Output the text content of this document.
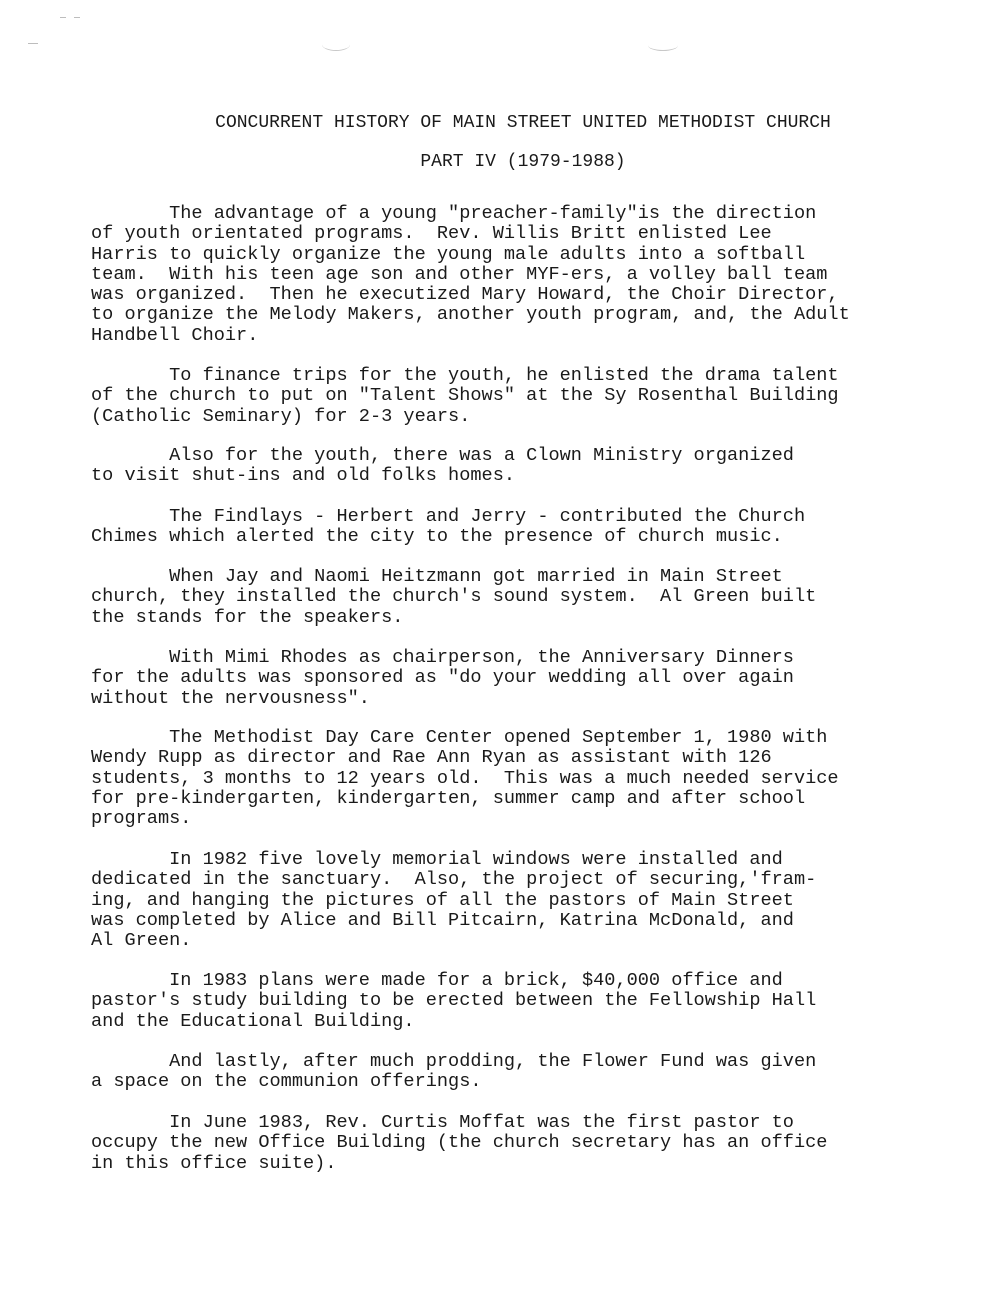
CONCURRENT HISTORY OF MAIN STREET UNITED METHODIST CHURCH
PART IV (1979-1988)
The advantage of a young "preacher-family"is the direction
of youth orientated programs.  Rev. Willis Britt enlisted Lee
Harris to quickly organize the young male adults into a softball
team.  With his teen age son and other MYF-ers, a volley ball team
was organized.  Then he executized Mary Howard, the Choir Director,
to organize the Melody Makers, another youth program, and, the Adult
Handbell Choir.
To finance trips for the youth, he enlisted the drama talent
of the church to put on "Talent Shows" at the Sy Rosenthal Building
(Catholic Seminary) for 2-3 years.
Also for the youth, there was a Clown Ministry organized
to visit shut-ins and old folks homes.
The Findlays - Herbert and Jerry - contributed the Church
Chimes which alerted the city to the presence of church music.
When Jay and Naomi Heitzmann got married in Main Street
church, they installed the church's sound system.  Al Green built
the stands for the speakers.
With Mimi Rhodes as chairperson, the Anniversary Dinners
for the adults was sponsored as "do your wedding all over again
without the nervousness".
The Methodist Day Care Center opened September 1, 1980 with
Wendy Rupp as director and Rae Ann Ryan as assistant with 126
students, 3 months to 12 years old.  This was a much needed service
for pre-kindergarten, kindergarten, summer camp and after school
programs.
In 1982 five lovely memorial windows were installed and
dedicated in the sanctuary.  Also, the project of securing,'fram-
ing, and hanging the pictures of all the pastors of Main Street
was completed by Alice and Bill Pitcairn, Katrina McDonald, and
Al Green.
In 1983 plans were made for a brick, $40,000 office and
pastor's study building to be erected between the Fellowship Hall
and the Educational Building.
And lastly, after much prodding, the Flower Fund was given
a space on the communion offerings.
In June 1983, Rev. Curtis Moffat was the first pastor to
occupy the new Office Building (the church secretary has an office
in this office suite).
